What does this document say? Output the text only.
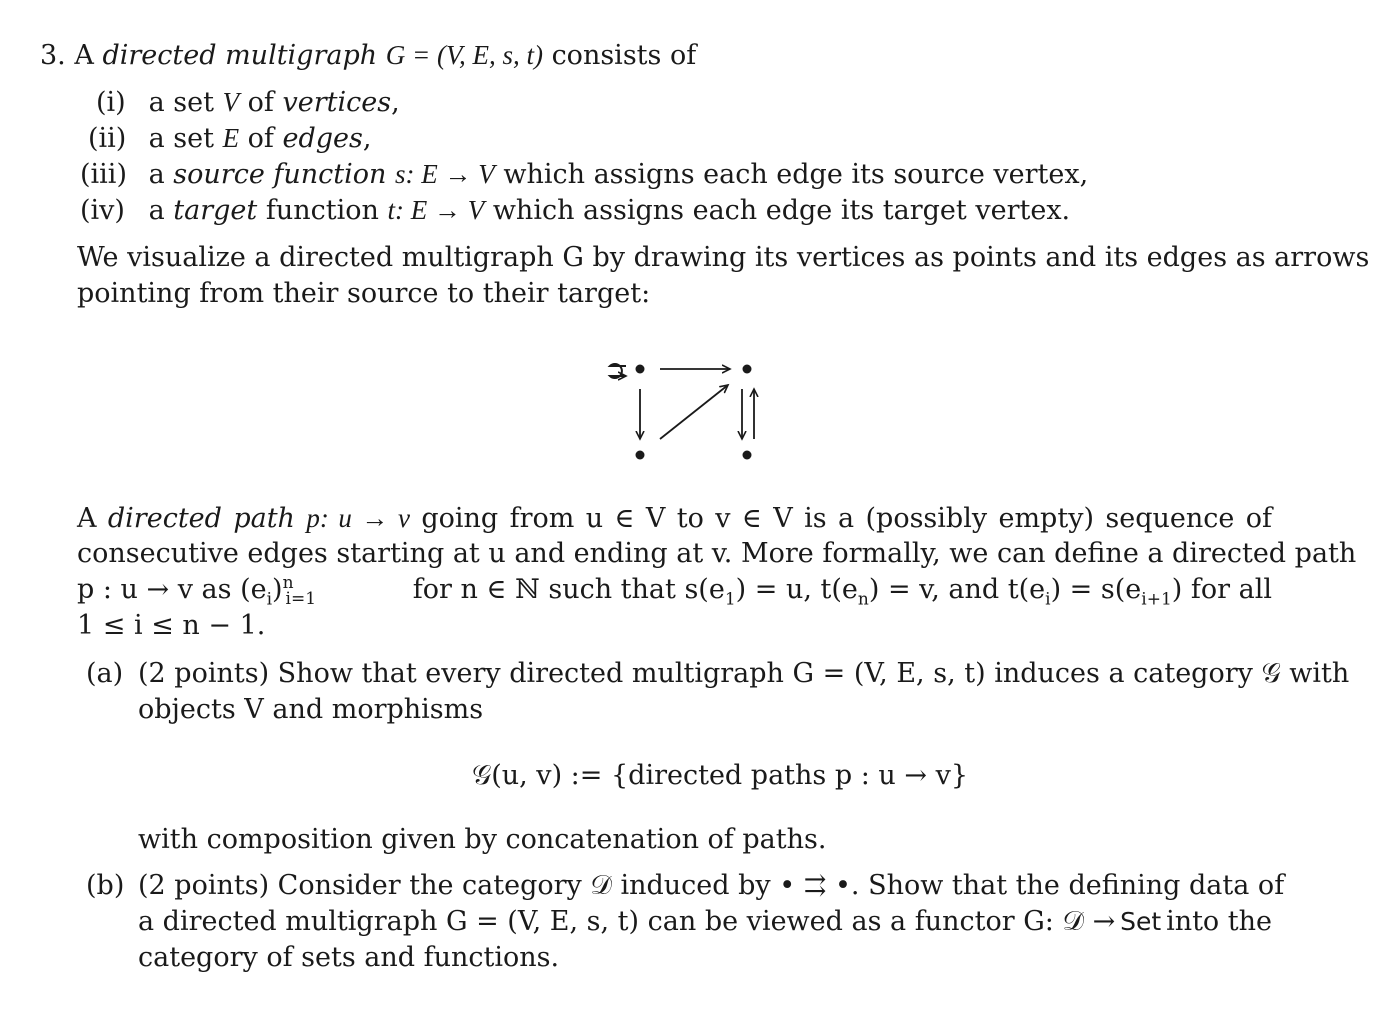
3. A directed multigraph G = (V, E, s, t) consists of
(i) a set V of vertices,
(ii) a set E of edges,
(iii) a source function s: E → V which assigns each edge its source vertex,
(iv) a target function t: E → V which assigns each edge its target vertex.
We visualize a directed multigraph G by drawing its vertices as points and its edges as arrows
pointing from their source to their target:
A directed path p: u → v going from u ∈ V to v ∈ V is a (possibly empty) sequence of
consecutive edges starting at u and ending at v. More formally, we can define a directed path
p : u → v as $(e_i)^n_{i=1}$	for n ∈ ℕ such that $s(e_1) = u$, $t(e_n) = v$, and $t(e_i) = s(e_{i+1})$ for all
1 ≤ i ≤ n − 1.
(a) (2 points) Show that every directed multigraph G = (V, E, s, t) induces a category 𝒢 with
objects V and morphisms
𝒢(u, v) := {directed paths p : u → v}
with composition given by concatenation of paths.
(b) (2 points) Consider the category 𝒟 induced by • ⇉ •. Show that the defining data of
a directed multigraph G = (V, E, s, t) can be viewed as a functor G: 𝒟 → Set into the
category of sets and functions.
